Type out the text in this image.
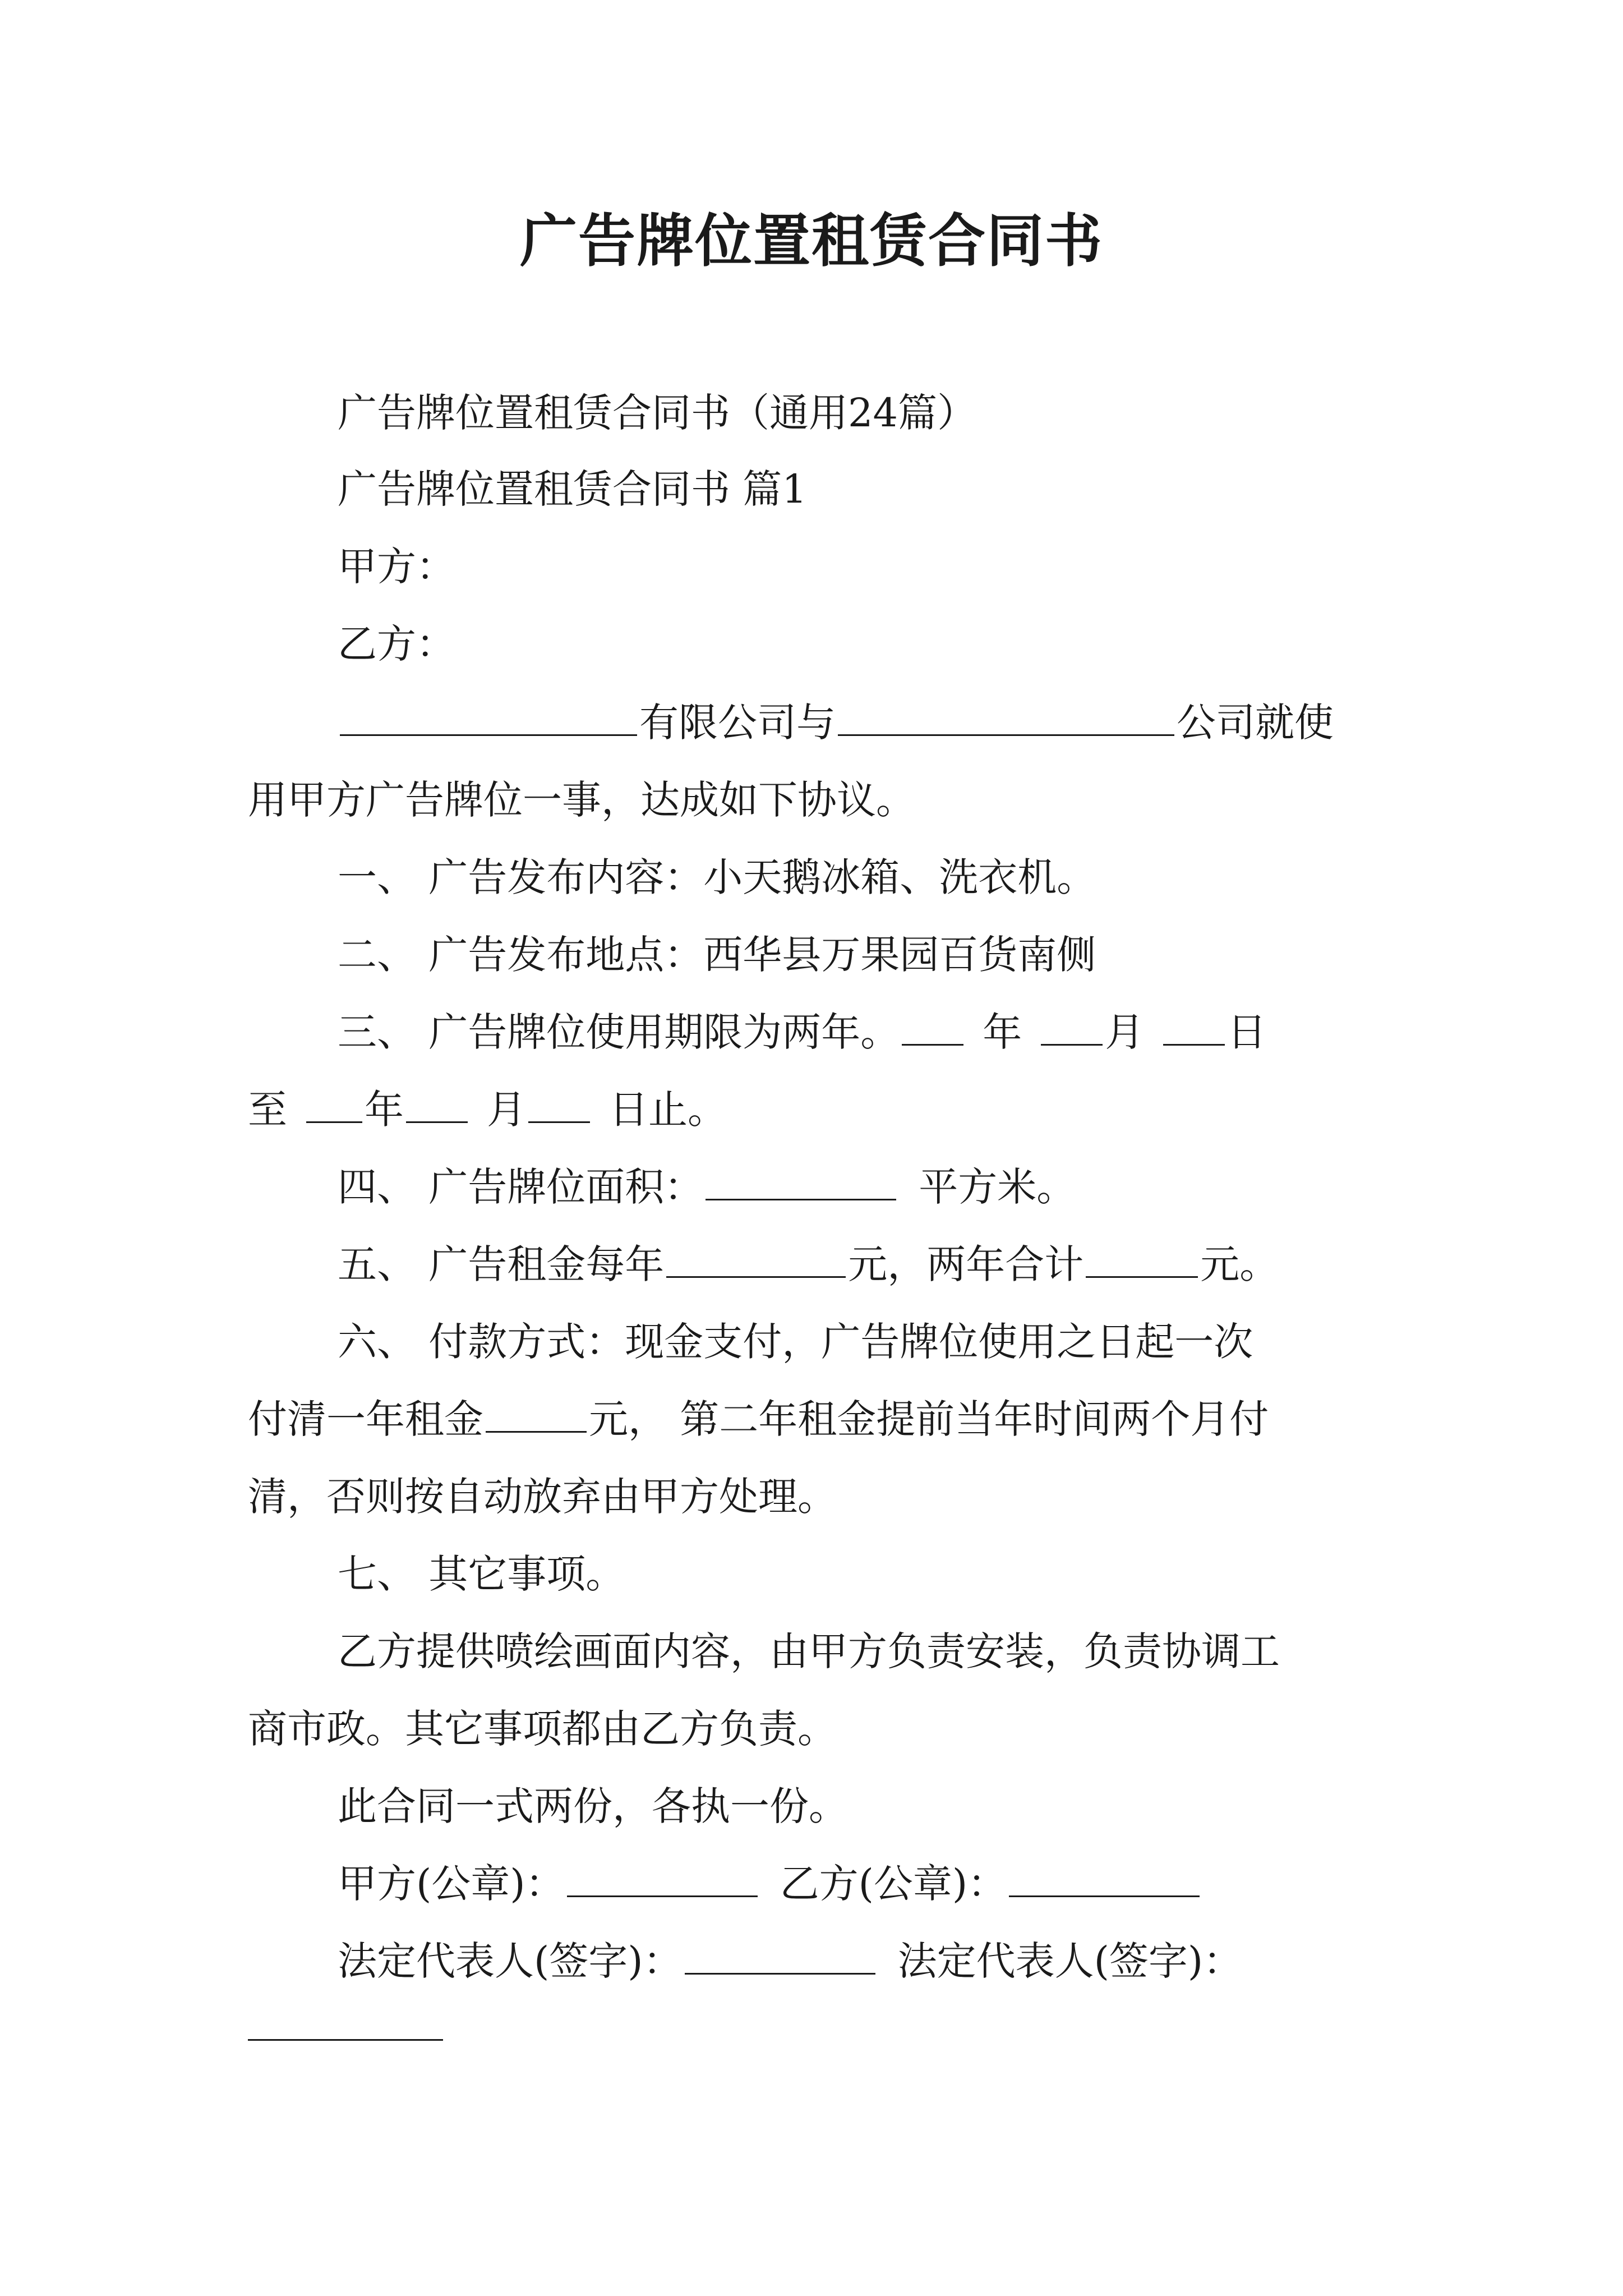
广告牌位置租赁合同书
广告牌位置租赁合同书（通用24篇）
广告牌位置租赁合同书 篇1
甲方：
乙方：
有限公司与	公司就使
用甲方广告牌位一事，达成如下协议。
一、 广告发布内容：小天鹅冰箱、洗衣机。
二、 广告发布地点：西华县万果园百货南侧
三、 广告牌位使用期限为两年。 年 月 日
至 年 月 日止。
四、 广告牌位面积：	平方米。
五、 广告租金每年	元，两年合计	元。
六、 付款方式：现金支付，广告牌位使用之日起一次
付清一年租金	元， 第二年租金提前当年时间两个月付
清，否则按自动放弃由甲方处理。
七、 其它事项。
乙方提供喷绘画面内容，由甲方负责安装，负责协调工
商市政。其它事项都由乙方负责。
此合同一式两份，各执一份。
甲方(公章)：	乙方(公章)：
法定代表人(签字)：	法定代表人(签字)：
